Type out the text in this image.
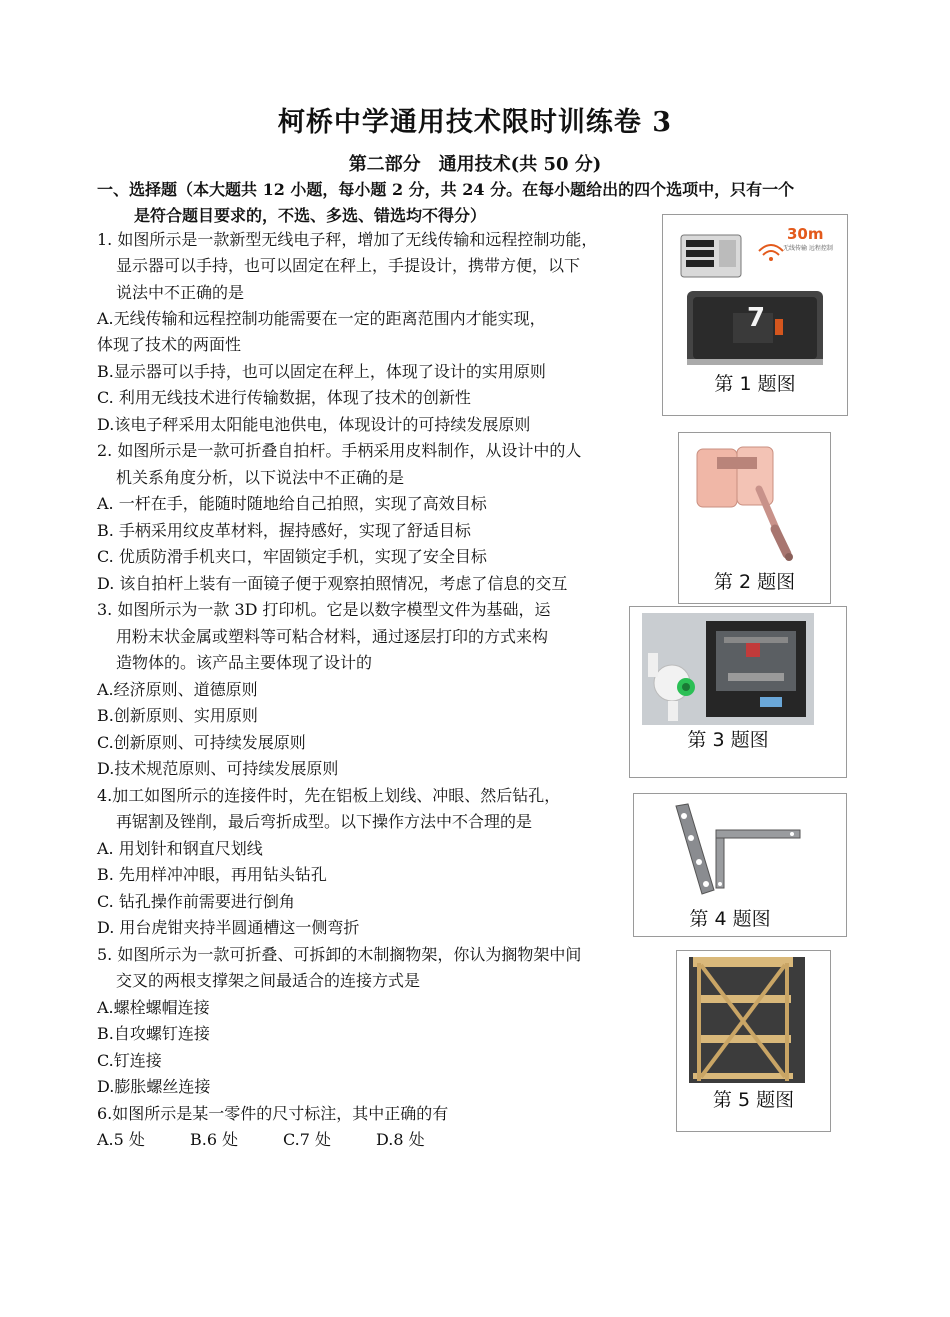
柯桥中学通用技术限时训练卷 3
第二部分　通用技术(共 50 分)
一、选择题（本大题共 12 小题，每小题 2 分，共 24 分。在每小题给出的四个选项中，只有一个
是符合题目要求的，不选、多选、错选均不得分）
1. 如图所示是一款新型无线电子秤，增加了无线传输和远程控制功能，
显示器可以手持，也可以固定在秤上，手提设计，携带方便，以下
说法中不正确的是
A.无线传输和远程控制功能需要在一定的距离范围内才能实现，
体现了技术的两面性
B.显示器可以手持，也可以固定在秤上，体现了设计的实用原则
C. 利用无线技术进行传输数据，体现了技术的创新性
D.该电子秤采用太阳能电池供电，体现设计的可持续发展原则
2. 如图所示是一款可折叠自拍杆。手柄采用皮料制作，从设计中的人
机关系角度分析，以下说法中不正确的是
A. 一杆在手，能随时随地给自己拍照，实现了高效目标
B. 手柄采用纹皮革材料，握持感好，实现了舒适目标
C. 优质防滑手机夹口，牢固锁定手机，实现了安全目标
D. 该自拍杆上装有一面镜子便于观察拍照情况，考虑了信息的交互
3. 如图所示为一款 3D 打印机。它是以数字模型文件为基础，运
用粉末状金属或塑料等可粘合材料，通过逐层打印的方式来构
造物体的。该产品主要体现了设计的
A.经济原则、道德原则
B.创新原则、实用原则
C.创新原则、可持续发展原则
D.技术规范原则、可持续发展原则
4.加工如图所示的连接件时，先在铝板上划线、冲眼、然后钻孔，
再锯割及锉削，最后弯折成型。以下操作方法中不合理的是
A. 用划针和钢直尺划线
B. 先用样冲冲眼，再用钻头钻孔
C. 钻孔操作前需要进行倒角
D. 用台虎钳夹持半圆通槽这一侧弯折
5. 如图所示为一款可折叠、可拆卸的木制搁物架，你认为搁物架中间
交叉的两根支撑架之间最适合的连接方式是
A.螺栓螺帽连接
B.自攻螺钉连接
C.钉连接
D.膨胀螺丝连接
6.如图所示是某一零件的尺寸标注，其中正确的有
A.5 处	B.6 处	C.7 处	D.8 处
30m
无线传输 远程控制
7
第 1 题图
第 2 题图
第 3 题图
第 4 题图
第 5 题图
